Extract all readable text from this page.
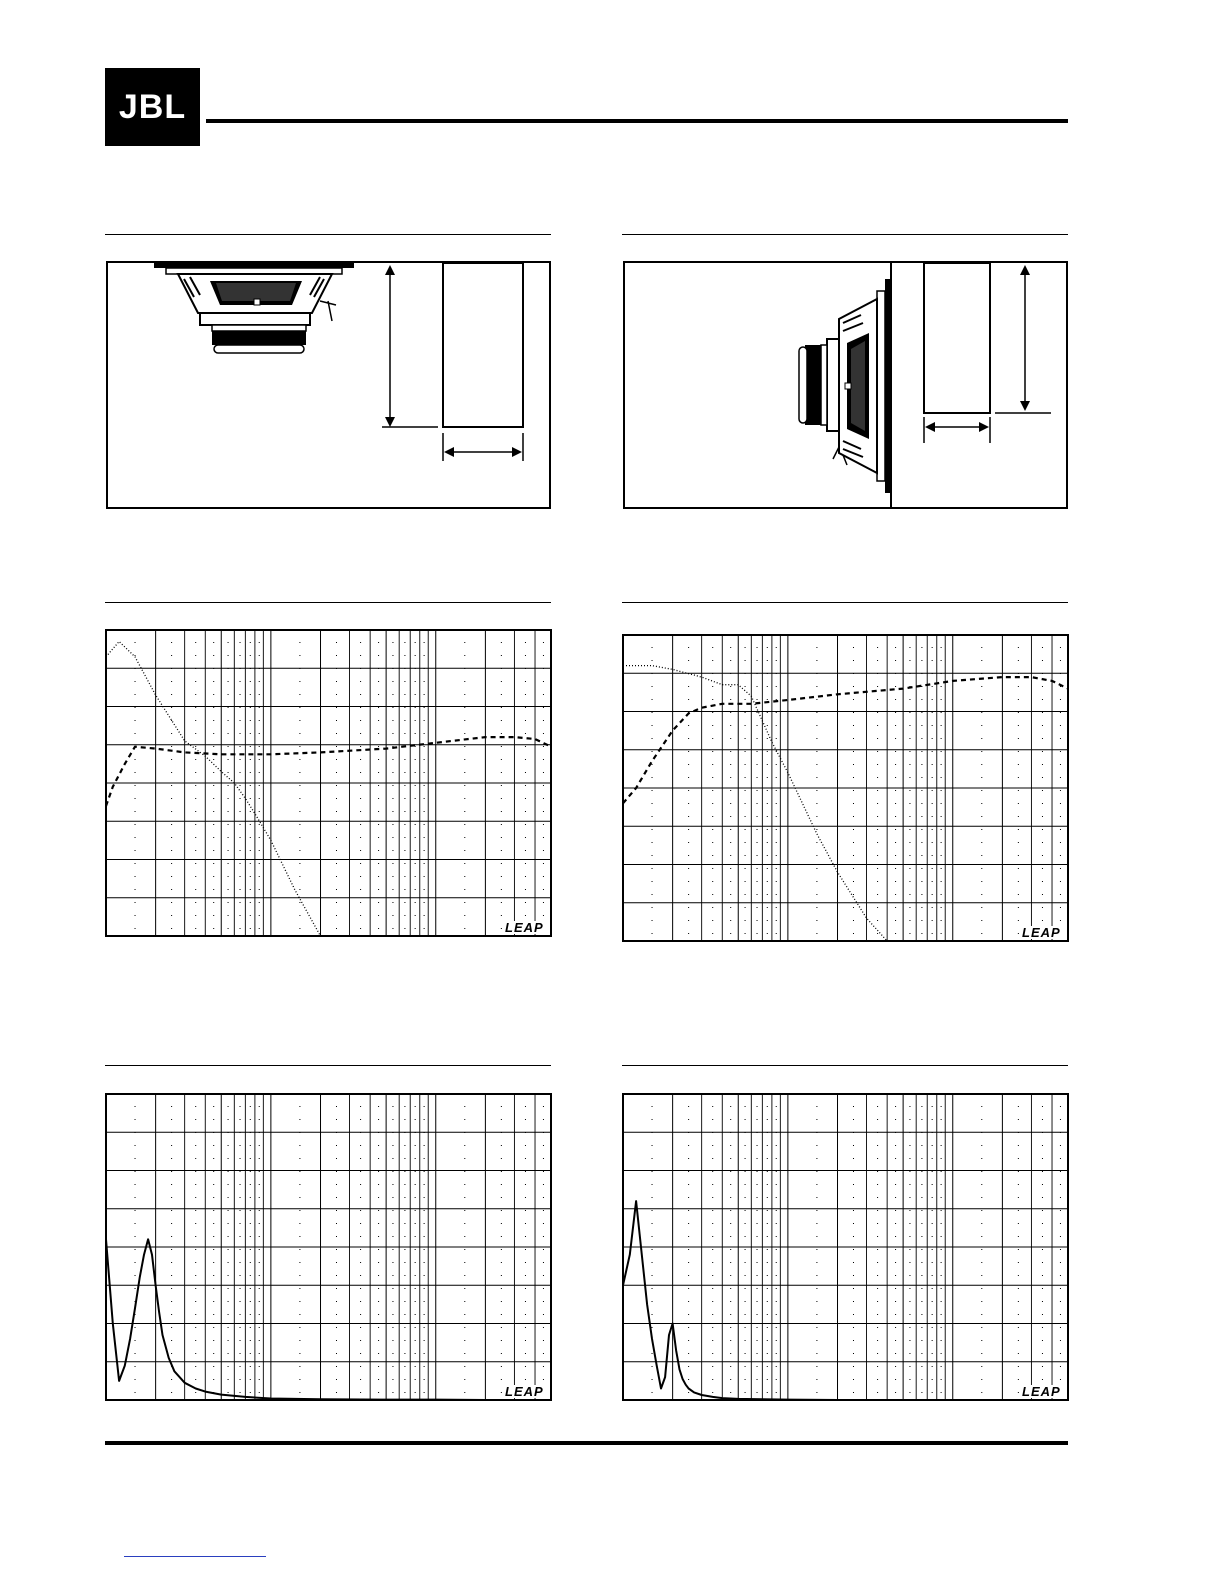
JBL
LEAP	LEAP
LEAP	LEAP
